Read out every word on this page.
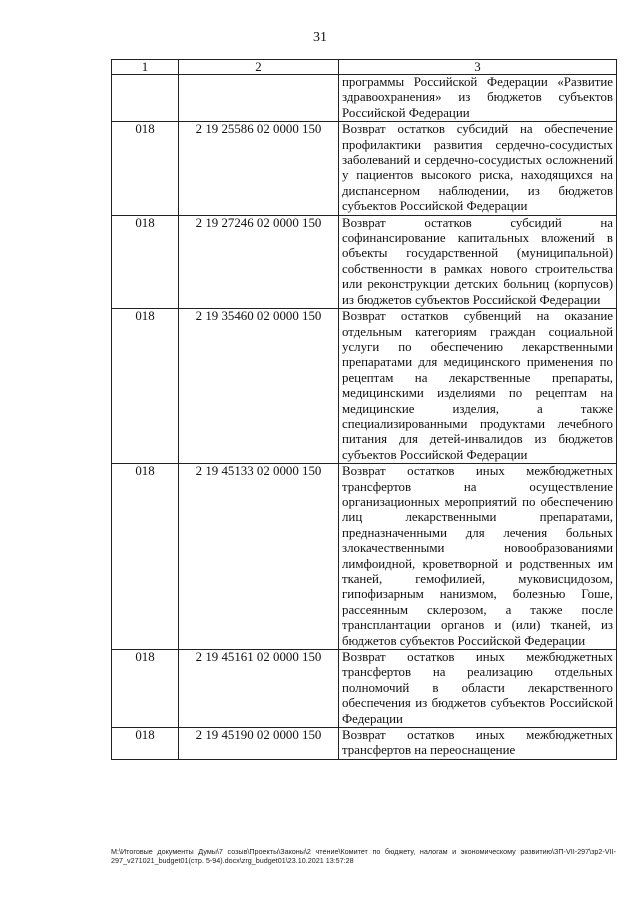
31
1	2	3
		программы Российской Федерации «Развитие здравоохранения» из бюджетов субъектов Российской Федерации
018	2 19 25586 02 0000 150	Возврат остатков субсидий на обеспечение профилактики развития сердечно-сосудистых заболеваний и сердечно-сосудистых осложнений у пациентов высокого риска, находящихся на диспансерном наблюдении, из бюджетов субъектов Российской Федерации
018	2 19 27246 02 0000 150	Возврат остатков субсидий на софинансирование капитальных вложений в объекты государственной (муниципальной) собственности в рамках нового строительства или реконструкции детских больниц (корпусов) из бюджетов субъектов Российской Федерации
018	2 19 35460 02 0000 150	Возврат остатков субвенций на оказание отдельным категориям граждан социальной услуги по обеспечению лекарственными препаратами для медицинского применения по рецептам на лекарственные препараты, медицинскими изделиями по рецептам на медицинские изделия, а также специализированными продуктами лечебного питания для детей-инвалидов из бюджетов субъектов Российской Федерации
018	2 19 45133 02 0000 150	Возврат остатков иных межбюджетных трансфертов на осуществление организационных мероприятий по обеспечению лиц лекарственными препаратами, предназначенными для лечения больных злокачественными новообразованиями лимфоидной, кроветворной и родственных им тканей, гемофилией, муковисцидозом, гипофизарным нанизмом, болезнью Гоше, рассеянным склерозом, а также после трансплантации органов и (или) тканей, из бюджетов субъектов Российской Федерации
018	2 19 45161 02 0000 150	Возврат остатков иных межбюджетных трансфертов на реализацию отдельных полномочий в области лекарственного обеспечения из бюджетов субъектов Российской Федерации
018	2 19 45190 02 0000 150	Возврат остатков иных межбюджетных трансфертов на переоснащение
M:\Итоговые документы Думы\7 созыв\Проекты\Законы\2 чтение\Комитет по бюджету, налогам и экономическому развитию\ЗП-VII-297\зр2-VII-297_v271021_budget01(стр. 5-94).docx\zrg_budget01\23.10.2021 13:57:28
